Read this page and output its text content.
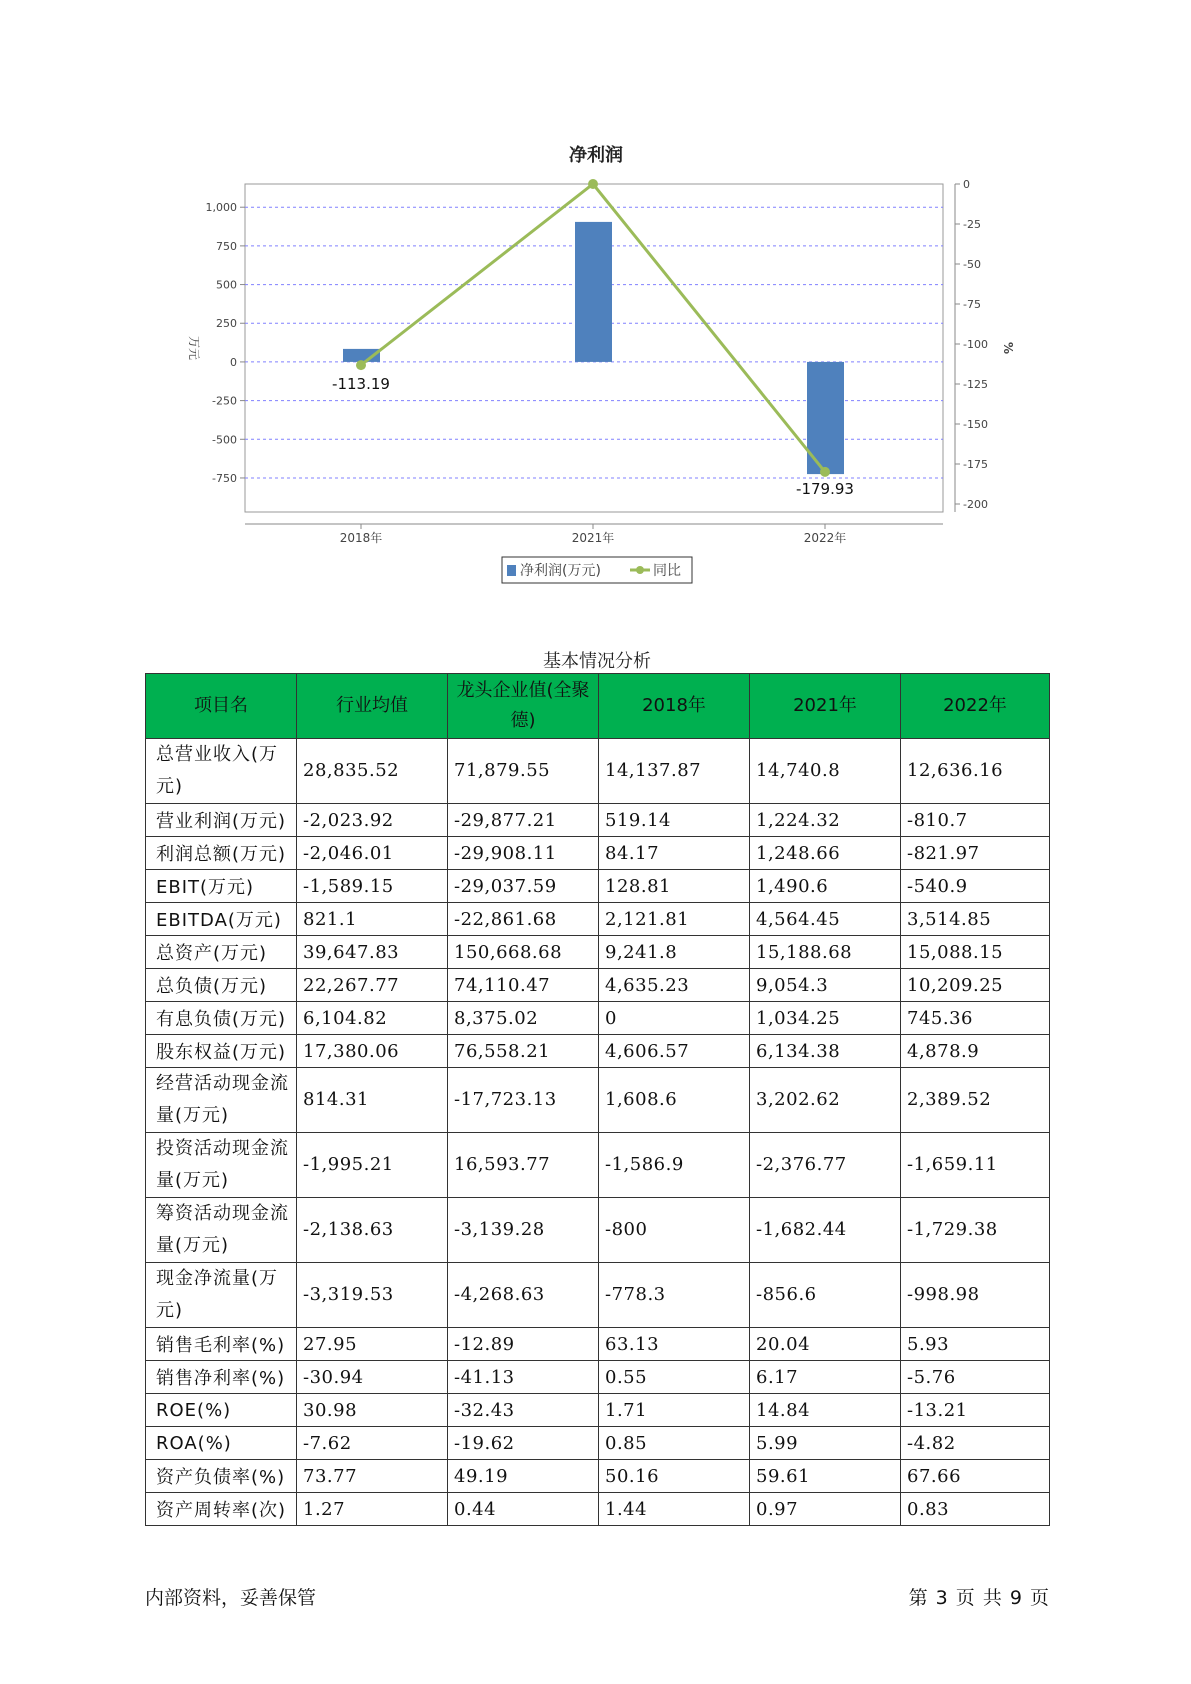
净利润
1,000
750
500
250
0
-250
-500
-750
0
-25
-50
-75
-100
-125
-150
-175
-200
万元	%
2018年	2021年	2022年
-113.19
-179.93
净利润(万元)	同比
基本情况分析
项目名	行业均值	龙头企业值(全聚德)	2018年	2021年	2022年
总营业收入(万元)	28,835.52	71,879.55	14,137.87	14,740.8	12,636.16
营业利润(万元)	-2,023.92	-29,877.21	519.14	1,224.32	-810.7
利润总额(万元)	-2,046.01	-29,908.11	84.17	1,248.66	-821.97
EBIT(万元)	-1,589.15	-29,037.59	128.81	1,490.6	-540.9
EBITDA(万元)	821.1	-22,861.68	2,121.81	4,564.45	3,514.85
总资产(万元)	39,647.83	150,668.68	9,241.8	15,188.68	15,088.15
总负债(万元)	22,267.77	74,110.47	4,635.23	9,054.3	10,209.25
有息负债(万元)	6,104.82	8,375.02	0	1,034.25	745.36
股东权益(万元)	17,380.06	76,558.21	4,606.57	6,134.38	4,878.9
经营活动现金流量(万元)	814.31	-17,723.13	1,608.6	3,202.62	2,389.52
投资活动现金流量(万元)	-1,995.21	16,593.77	-1,586.9	-2,376.77	-1,659.11
筹资活动现金流量(万元)	-2,138.63	-3,139.28	-800	-1,682.44	-1,729.38
现金净流量(万元)	-3,319.53	-4,268.63	-778.3	-856.6	-998.98
销售毛利率(%)	27.95	-12.89	63.13	20.04	5.93
销售净利率(%)	-30.94	-41.13	0.55	6.17	-5.76
ROE(%)	30.98	-32.43	1.71	14.84	-13.21
ROA(%)	-7.62	-19.62	0.85	5.99	-4.82
资产负债率(%)	73.77	49.19	50.16	59.61	67.66
资产周转率(次)	1.27	0.44	1.44	0.97	0.83
内部资料，妥善保管	第 3 页 共 9 页
